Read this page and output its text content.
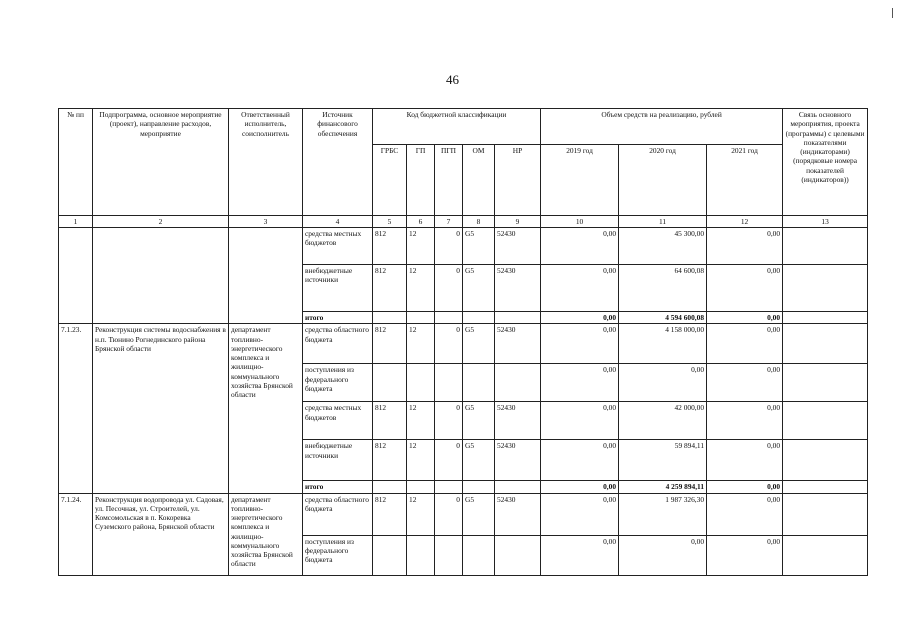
46
№ пп	Подпрограмма, основное мероприятие (проект), направление расходов, мероприятие	Ответственный исполнитель, соисполнитель	Источник финансового обеспечения	Код бюджетной классификации					Объем средств на реализацию, рублей			Связь основного мероприятия, проекта (программы) с целевыми показателями (индикаторами) (порядковые номера показателей (индикаторов))
				ГРБС	ГП	ПГП	ОМ	НР	2019 год	2020 год	2021 год	
1	2	3	4	5	6	7	8	9	10	11	12	13
			средства местных бюджетов	812	12	0	G5	52430	0,00	45 300,00	0,00	
			внебюджетные источники	812	12	0	G5	52430	0,00	64 600,08	0,00	
			итого						0,00	4 594 600,08	0,00	
7.1.23.	Реконструкция системы водоснабжения в н.п. Тюнино Рогнединского района Брянской области	департамент топливно-энергетического комплекса и жилищно-коммунального хозяйства Брянской области	средства областного бюджета	812	12	0	G5	52430	0,00	4 158 000,00	0,00	
			поступления из федерального бюджета						0,00	0,00	0,00	
			средства местных бюджетов	812	12	0	G5	52430	0,00	42 000,00	0,00	
			внебюджетные источники	812	12	0	G5	52430	0,00	59 894,11	0,00	
			итого						0,00	4 259 894,11	0,00	
7.1.24.	Реконструкция водопровода ул. Садовая, ул. Песочная, ул. Строителей, ул. Комсомольская в п. Кокоревка Суземского района, Брянской области	департамент топливно-энергетического комплекса и жилищно-коммунального хозяйства Брянской области	средства областного бюджета	812	12	0	G5	52430	0,00	1 987 326,30	0,00	
			поступления из федерального бюджета						0,00	0,00	0,00	
